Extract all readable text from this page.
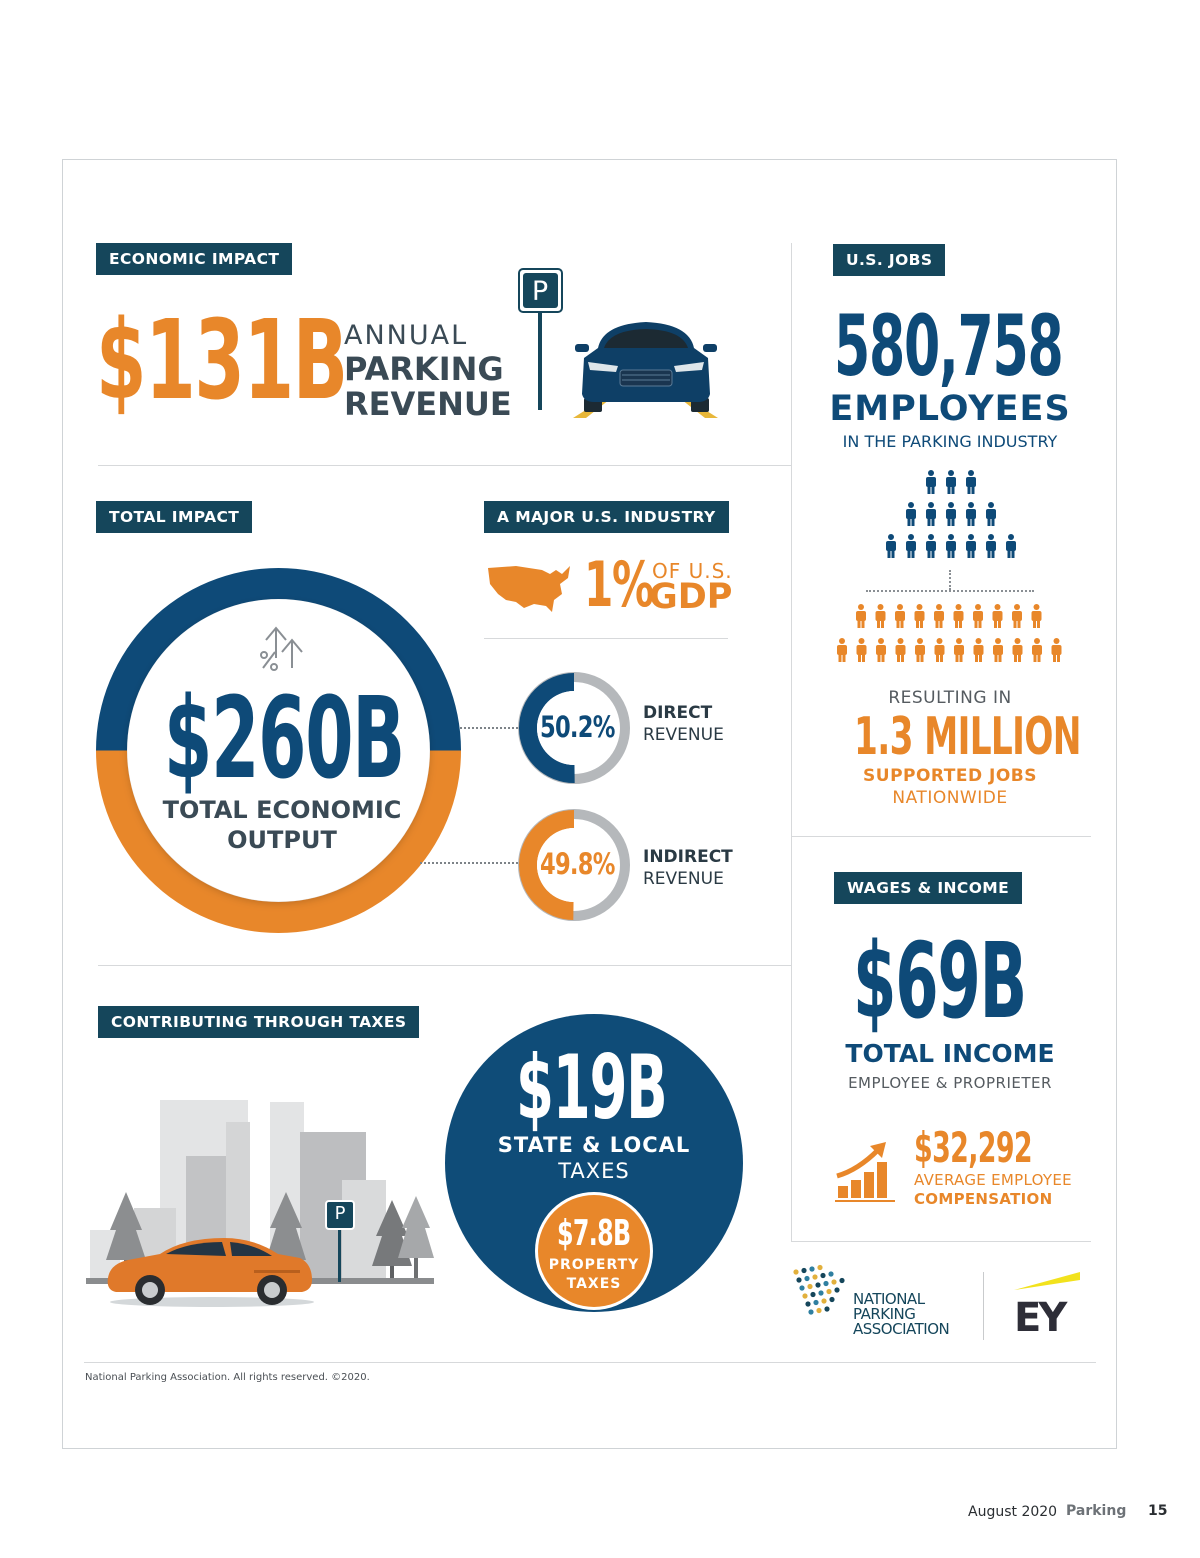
ECONOMIC IMPACT
$131B
ANNUAL
PARKING
REVENUE
P
TOTAL IMPACT
$260B
TOTAL ECONOMIC
OUTPUT
A MAJOR U.S. INDUSTRY
1% OF U.S.
GDP
50.2% DIRECT
REVENUE
49.8% INDIRECT
REVENUE
CONTRIBUTING THROUGH TAXES
P
$19B
STATE & LOCAL
TAXES
$7.8B
PROPERTY
TAXES
U.S. JOBS
580,758
EMPLOYEES
IN THE PARKING INDUSTRY
RESULTING IN
1.3 MILLION
SUPPORTED JOBS
NATIONWIDE
WAGES & INCOME
$69B
TOTAL INCOME
EMPLOYEE & PROPRIETER
$32,292
AVERAGE EMPLOYEE
COMPENSATION
NATIONAL
PARKING
ASSOCIATION EY
National Parking Association. All rights reserved. ©2020.
August 2020 Parking 15
